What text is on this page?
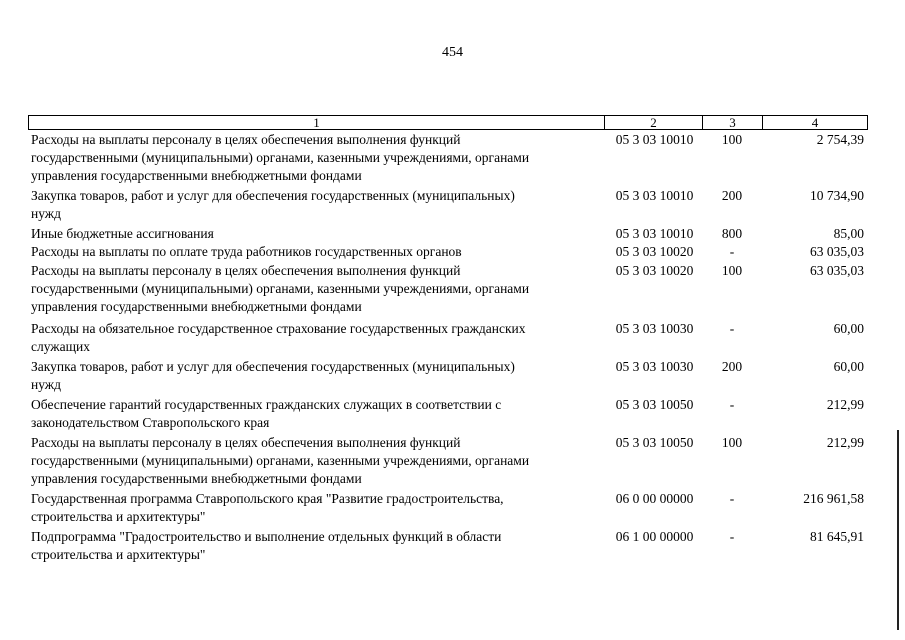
454
1	2	3	4
Расходы на выплаты персоналу в целях обеспечения выполнения функций
государственными (муниципальными) органами, казенными учреждениями, органами
управления государственными внебюджетными фондами
05 3 03 10010	100	2 754,39
Закупка товаров, работ и услуг для обеспечения государственных (муниципальных)
нужд
05 3 03 10010	200	10 734,90
Иные бюджетные ассигнования	05 3 03 10010	800	85,00
Расходы на выплаты по оплате труда работников государственных органов	05 3 03 10020	-	63 035,03
Расходы на выплаты персоналу в целях обеспечения выполнения функций
государственными (муниципальными) органами, казенными учреждениями, органами
управления государственными внебюджетными фондами
05 3 03 10020	100	63 035,03
Расходы на обязательное государственное страхование государственных гражданских
служащих
05 3 03 10030	-	60,00
Закупка товаров, работ и услуг для обеспечения государственных (муниципальных)
нужд
05 3 03 10030	200	60,00
Обеспечение гарантий государственных гражданских служащих в соответствии с
законодательством Ставропольского края
05 3 03 10050	-	212,99
Расходы на выплаты персоналу в целях обеспечения выполнения функций
государственными (муниципальными) органами, казенными учреждениями, органами
управления государственными внебюджетными фондами
05 3 03 10050	100	212,99
Государственная программа Ставропольского края "Развитие градостроительства,
строительства и архитектуры"
06 0 00 00000	-	216 961,58
Подпрограмма "Градостроительство и выполнение отдельных функций в области
строительства и архитектуры"
06 1 00 00000	-	81 645,91
